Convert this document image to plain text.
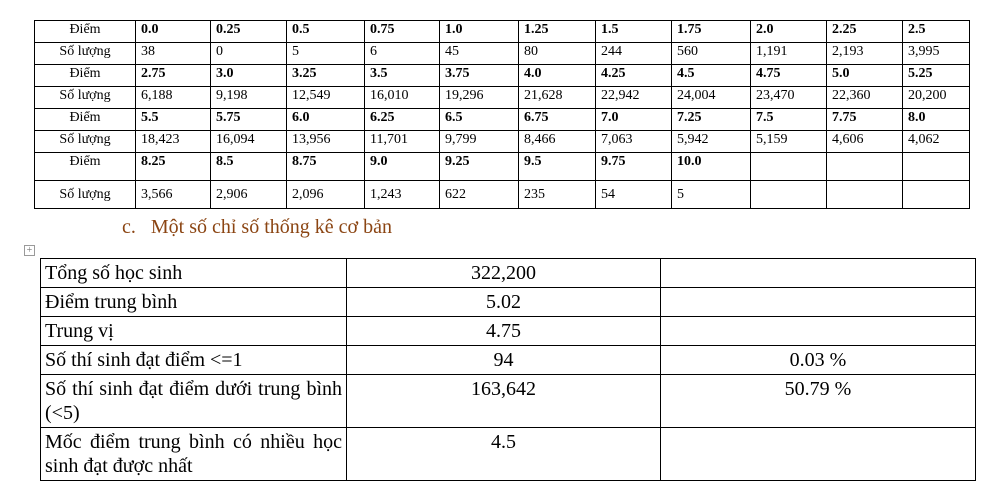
Điểm	0.0	0.25	0.5	0.75	1.0	1.25	1.5	1.75	2.0	2.25	2.5
Số lượng	38	0	5	6	45	80	244	560	1,191	2,193	3,995
Điểm	2.75	3.0	3.25	3.5	3.75	4.0	4.25	4.5	4.75	5.0	5.25
Số lượng	6,188	9,198	12,549	16,010	19,296	21,628	22,942	24,004	23,470	22,360	20,200
Điểm	5.5	5.75	6.0	6.25	6.5	6.75	7.0	7.25	7.5	7.75	8.0
Số lượng	18,423	16,094	13,956	11,701	9,799	8,466	7,063	5,942	5,159	4,606	4,062
Điểm	8.25	8.5	8.75	9.0	9.25	9.5	9.75	10.0			
Số lượng	3,566	2,906	2,096	1,243	622	235	54	5			
c.   Một số chỉ số thống kê cơ bản
+
Tổng số học sinh	322,200	
Điểm trung bình	5.02	
Trung vị	4.75	
Số thí sinh đạt điểm <=1	94	0.03 %
Số thí sinh đạt điểm dưới trung bình (<5)	163,642	50.79 %
Mốc điểm trung bình có nhiều học sinh đạt được nhất	4.5	
